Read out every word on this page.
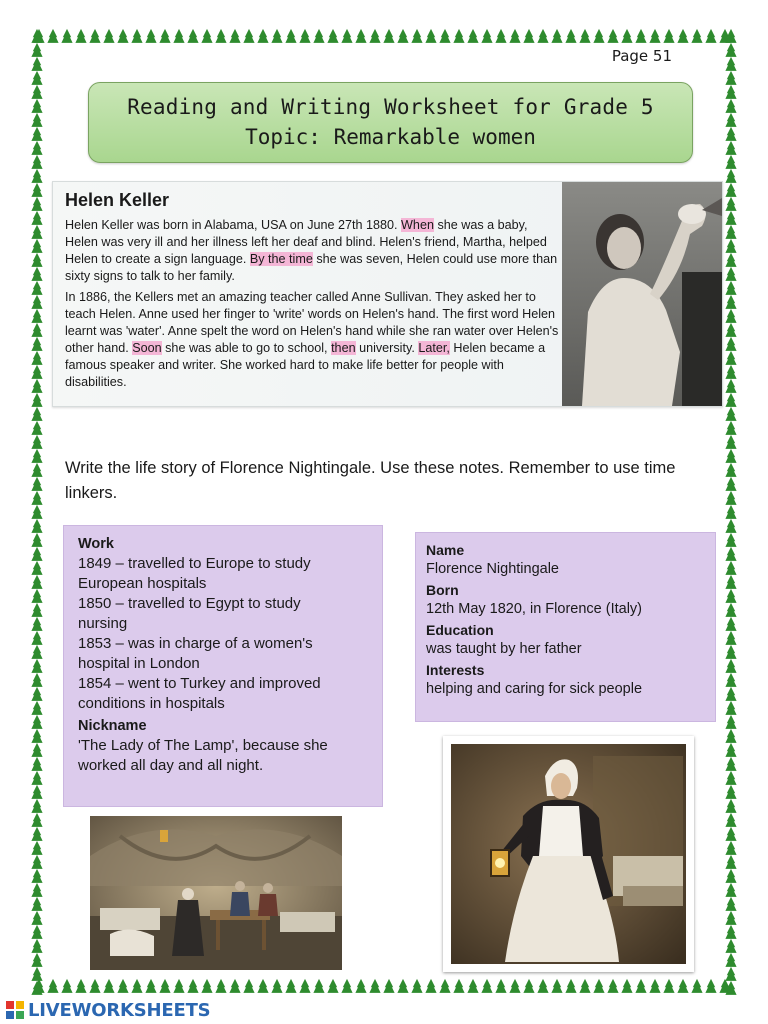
Page 51
Reading and Writing Worksheet for Grade 5
Topic: Remarkable women
Helen Keller

Helen Keller was born in Alabama, USA on June 27th 1880. When she was a baby, Helen was very ill and her illness left her deaf and blind. Helen's friend, Martha, helped Helen to create a sign language. By the time she was seven, Helen could use more than sixty signs to talk to her family.

In 1886, the Kellers met an amazing teacher called Anne Sullivan. They asked her to teach Helen. Anne used her finger to 'write' words on Helen's hand. The first word Helen learnt was 'water'. Anne spelt the word on Helen's hand while she ran water over Helen's other hand. Soon she was able to go to school, then university. Later, Helen became a famous speaker and writer. She worked hard to make life better for people with disabilities.

Write the life story of Florence Nightingale. Use these notes. Remember to use time linkers.
Work
1849 – travelled to Europe to study
European hospitals
1850 – travelled to Egypt to study
nursing
1853 – was in charge of a women's
hospital in London
1854 – went to Turkey and improved
conditions in hospitals
Nickname
'The Lady of The Lamp', because she
worked all day and all night.
Name
Florence Nightingale
Born
12th May 1820, in Florence (Italy)
Education
was taught by her father
Interests
helping and caring for sick people
LIVEWORKSHEETS
